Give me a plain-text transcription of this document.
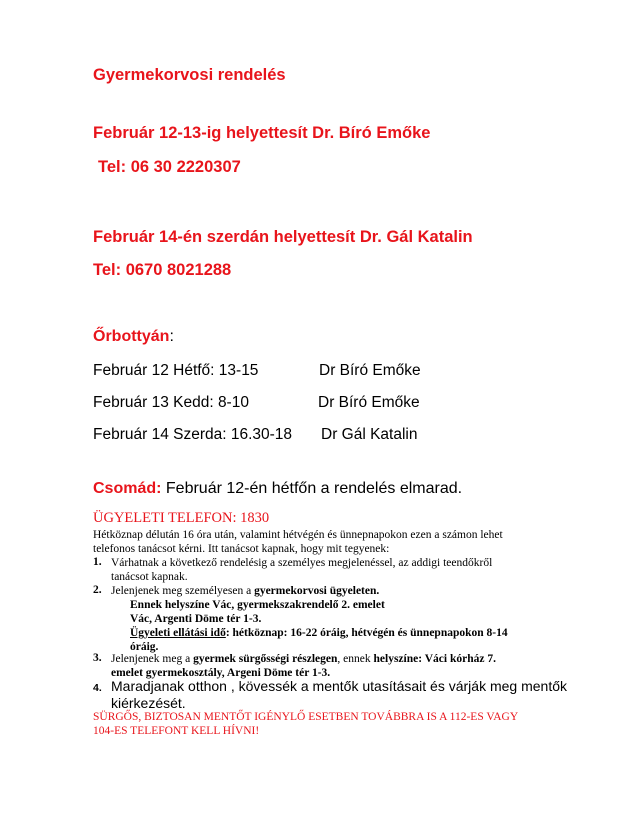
Gyermekorvosi rendelés
Február 12-13-ig helyettesít Dr. Bíró Emőke
Tel: 06 30 2220307
Február 14-én szerdán helyettesít Dr. Gál Katalin
Tel: 0670 8021288
Őrbottyán:
Február 12 Hétfő: 13-15	Dr Bíró Emőke
Február 13 Kedd: 8-10	Dr Bíró Emőke
Február 14 Szerda: 16.30-18 Dr Gál Katalin
Csomád: Február 12-én hétfőn a rendelés elmarad.
ÜGYELETI TELEFON: 1830
Hétköznap délután 16 óra után, valamint hétvégén és ünnepnapokon ezen a számon lehet
telefonos tanácsot kérni. Itt tanácsot kapnak, hogy mit tegyenek:
1. Várhatnak a következő rendelésig a személyes megjelenéssel, az addigi teendőkről
tanácsot kapnak.
2. Jelenjenek meg személyesen a gyermekorvosi ügyeleten.
Ennek helyszíne Vác, gyermekszakrendelő 2. emelet
Vác, Argenti Döme tér 1-3.
Ügyeleti ellátási idő: hétköznap: 16-22 óráig, hétvégén és ünnepnapokon 8-14
óráig.
3. Jelenjenek meg a gyermek sürgősségi részlegen, ennek helyszíne: Váci kórház 7.
emelet gyermekosztály, Argeni Döme tér 1-3.
4. Maradjanak otthon , kövessék a mentők utasításait és várják meg mentők
kiérkezését.
SÜRGŐS, BIZTOSAN MENTŐT IGÉNYLŐ ESETBEN TOVÁBBRA IS A 112-ES VAGY
104-ES TELEFONT KELL HÍVNI!
